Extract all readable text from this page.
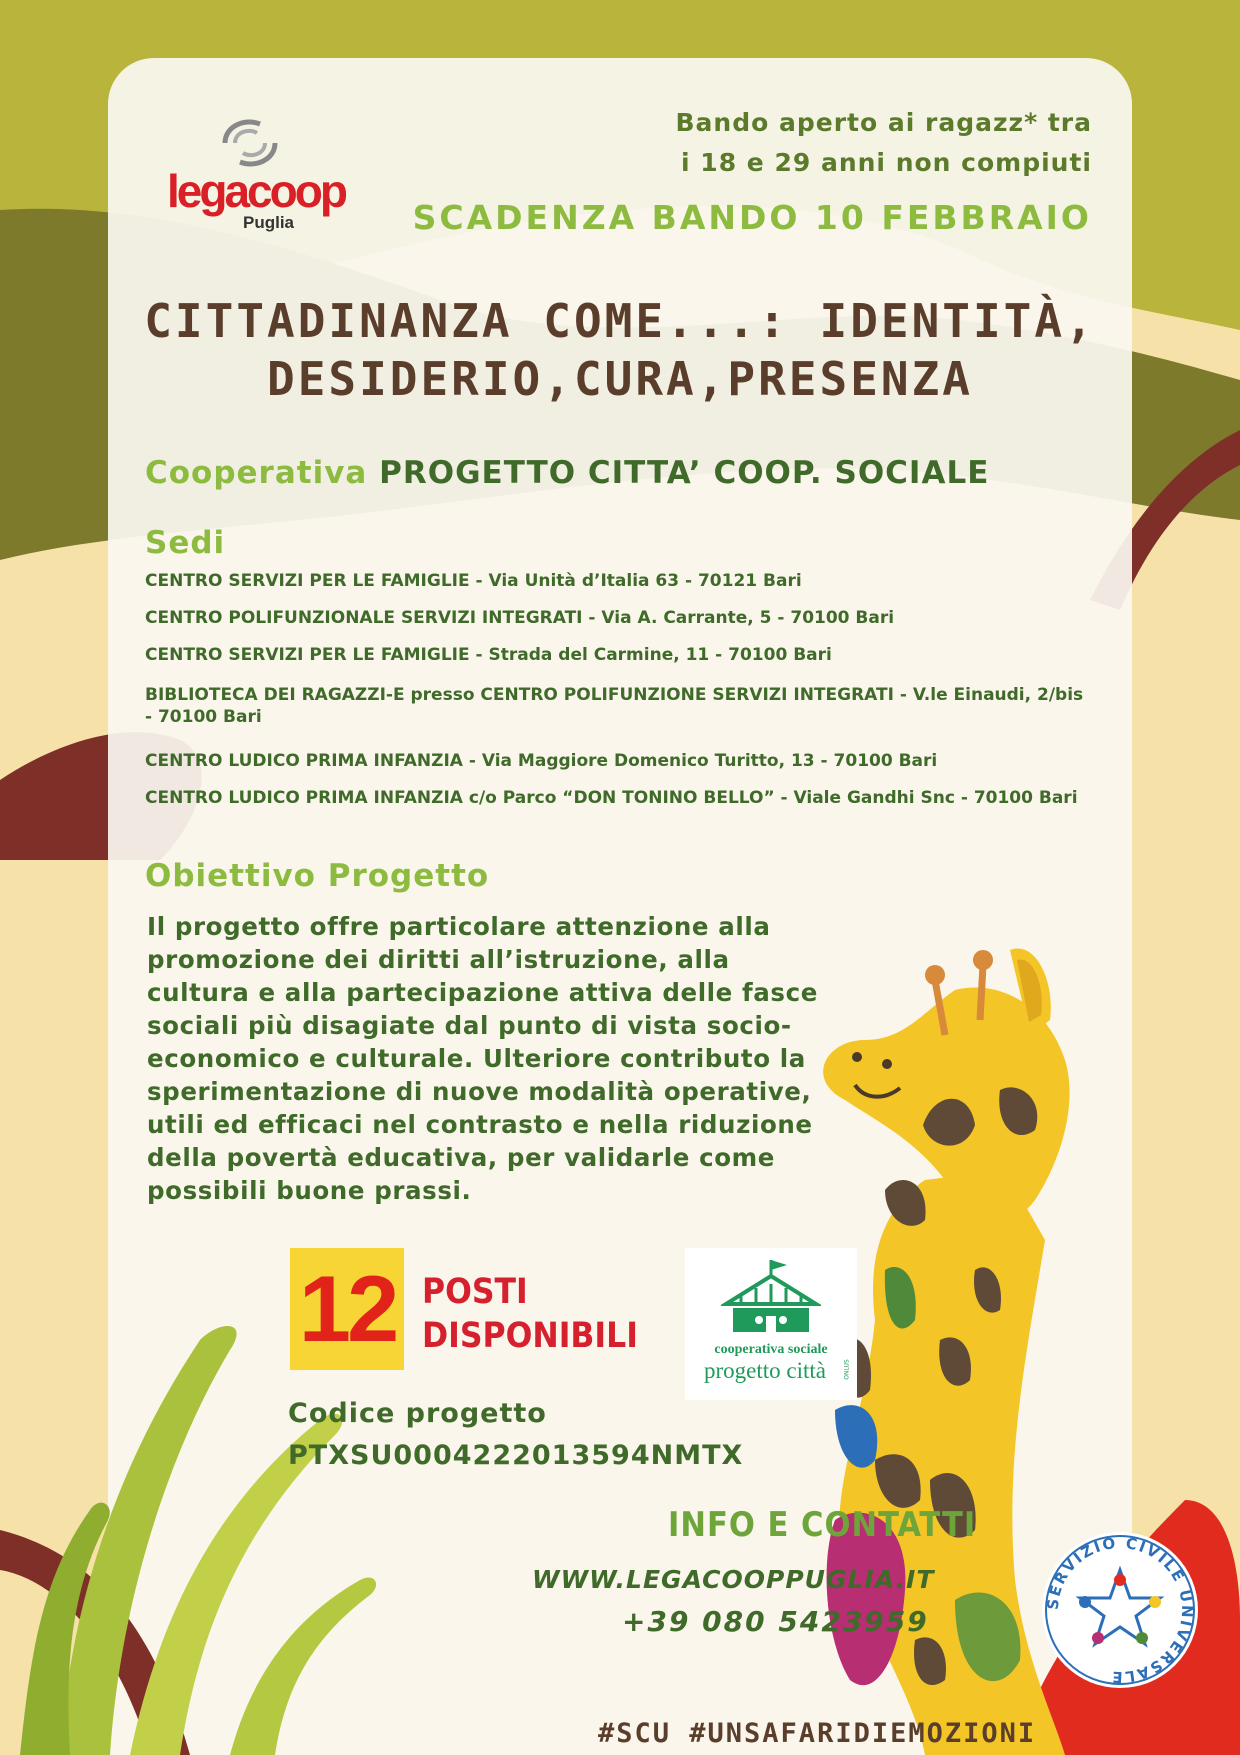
legacoop
Puglia
Bando aperto ai ragazz* tra
i 18 e 29 anni non compiuti
SCADENZA BANDO 10 FEBBRAIO
CITTADINANZA COME...: IDENTITÀ,
DESIDERIO,CURA,PRESENZA
Cooperativa PROGETTO CITTA’ COOP. SOCIALE
Sedi
CENTRO SERVIZI PER LE FAMIGLIE - Via Unità d’Italia 63 - 70121 Bari
CENTRO POLIFUNZIONALE SERVIZI INTEGRATI - Via A. Carrante, 5 - 70100 Bari
CENTRO SERVIZI PER LE FAMIGLIE - Strada del Carmine, 11 - 70100 Bari
BIBLIOTECA DEI RAGAZZI-E presso CENTRO POLIFUNZIONE SERVIZI INTEGRATI - V.le Einaudi, 2/bis - 70100 Bari
CENTRO LUDICO PRIMA INFANZIA - Via Maggiore Domenico Turitto, 13 - 70100 Bari
CENTRO LUDICO PRIMA INFANZIA c/o Parco “DON TONINO BELLO” - Viale Gandhi Snc - 70100 Bari
Obiettivo Progetto
Il progetto offre particolare attenzione alla promozione dei diritti all’istruzione, alla cultura e alla partecipazione attiva delle fasce sociali più disagiate dal punto di vista socio-economico e culturale. Ulteriore contributo la sperimentazione di nuove modalità operative, utili ed efficaci nel contrasto e nella riduzione della povertà educativa, per validarle come possibili buone prassi.
12 POSTI
DISPONIBILI
Codice progetto
PTXSU0004222013594NMTX
cooperativa sociale
progetto città	ONLUS
INFO E CONTATTI
WWW.LEGACOOPPUGLIA.IT
+39 080 5423959
#SCU #UNSAFARIDIEMOZIONI
SERVIZIO CIVILE UNIVERSALE
